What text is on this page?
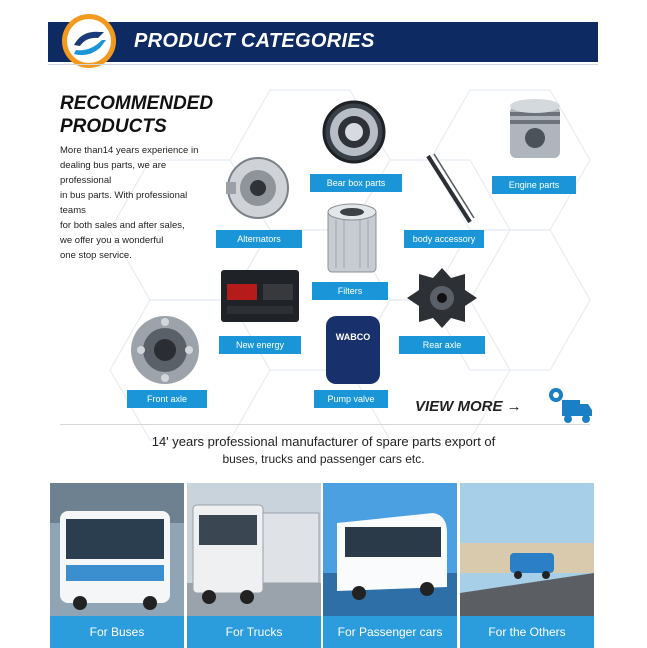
PRODUCT CATEGORIES
RECOMMENDED
PRODUCTS
More than14 years experience in
dealing bus parts, we are professional
in bus parts. With professional teams
for both sales and after sales,
we offer you a wonderful
one stop service.
Bear box parts	Engine parts
Alternators	body accessory
Filters
New energy	Rear axle
Front axle
WABCO
Pump valve	VIEW MORE →
14' years professional manufacturer of spare parts export of
buses, trucks and passenger cars etc.
For Buses	For Trucks	For Passenger cars	For the Others
